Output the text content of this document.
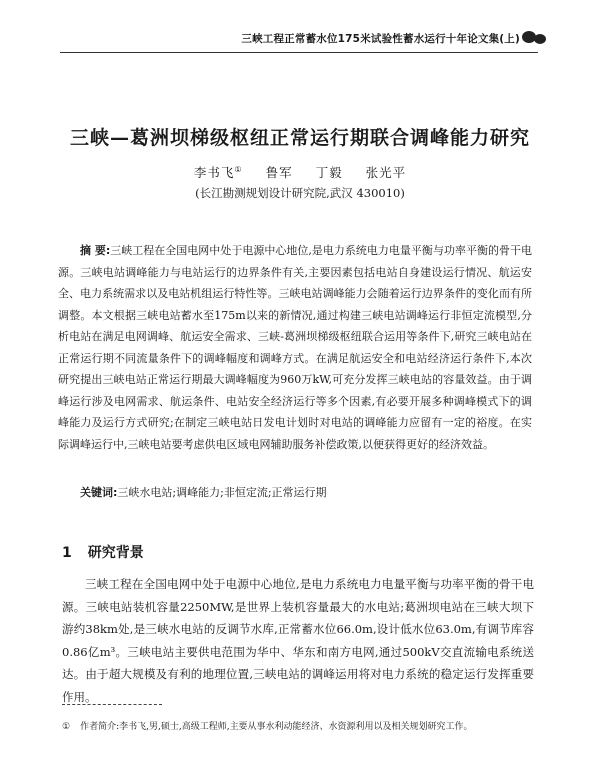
三峡工程正常蓄水位175米试验性蓄水运行十年论文集(上)
三峡—葛洲坝梯级枢纽正常运行期联合调峰能力研究
李书飞① 鲁军 丁毅 张光平
(长江勘测规划设计研究院,武汉 430010)
摘 要:三峡工程在全国电网中处于电源中心地位,是电力系统电力电量平衡与功率平衡的骨干电源。三峡电站调峰能力与电站运行的边界条件有关,主要因素包括电站自身建设运行情况、航运安全、电力系统需求以及电站机组运行特性等。三峡电站调峰能力会随着运行边界条件的变化而有所调整。本文根据三峡电站蓄水至175m以来的新情况,通过构建三峡电站调峰运行非恒定流模型,分析电站在满足电网调峰、航运安全需求、三峡-葛洲坝梯级枢纽联合运用等条件下,研究三峡电站在正常运行期不同流量条件下的调峰幅度和调峰方式。在满足航运安全和电站经济运行条件下,本次研究提出三峡电站正常运行期最大调峰幅度为960万kW,可充分发挥三峡电站的容量效益。由于调峰运行涉及电网需求、航运条件、电站安全经济运行等多个因素,有必要开展多种调峰模式下的调峰能力及运行方式研究;在制定三峡电站日发电计划时对电站的调峰能力应留有一定的裕度。在实际调峰运行中,三峡电站要考虑供电区域电网辅助服务补偿政策,以便获得更好的经济效益。
关键词:三峡水电站;调峰能力;非恒定流;正常运行期
1 研究背景
三峡工程在全国电网中处于电源中心地位,是电力系统电力电量平衡与功率平衡的骨干电源。三峡电站装机容量2250MW,是世界上装机容量最大的水电站;葛洲坝电站在三峡大坝下游约38km处,是三峡水电站的反调节水库,正常蓄水位66.0m,设计低水位63.0m,有调节库容0.86亿m³。三峡电站主要供电范围为华中、华东和南方电网,通过500kV交直流输电系统送达。由于超大规模及有利的地理位置,三峡电站的调峰运用将对电力系统的稳定运行发挥重要作用。
① 作者简介:李书飞,男,硕士,高级工程师,主要从事水利动能经济、水资源利用以及相关规划研究工作。
